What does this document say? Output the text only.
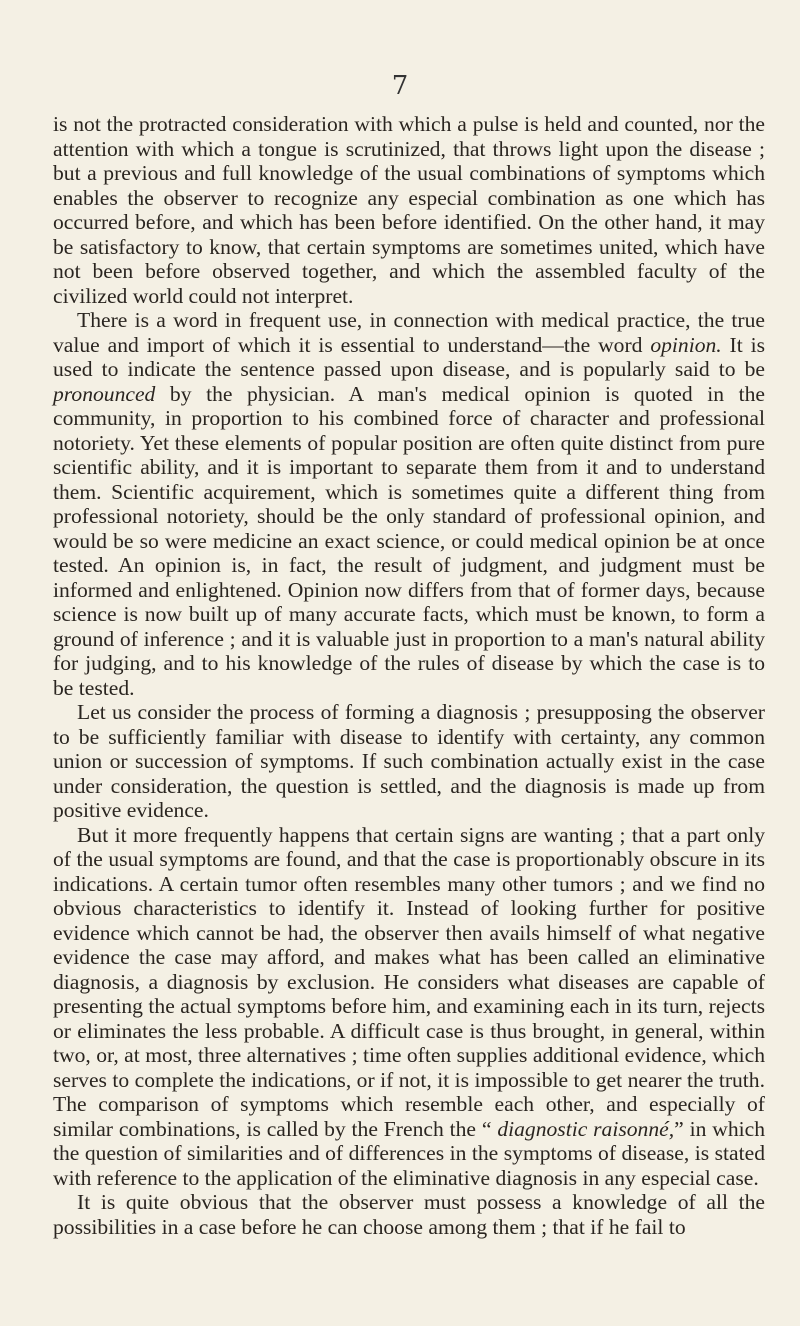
7

is not the protracted consideration with which a pulse is held and counted, nor the attention with which a tongue is scrutinized, that throws light upon the disease ; but a previous and full knowledge of the usual combinations of symptoms which enables the observer to recognize any especial combination as one which has occurred before, and which has been before identified. On the other hand, it may be satisfactory to know, that certain symptoms are sometimes united, which have not been before observed together, and which the assembled faculty of the civilized world could not interpret.

There is a word in frequent use, in connection with medical practice, the true value and import of which it is essential to understand—the word opinion. It is used to indicate the sentence passed upon disease, and is popularly said to be pronounced by the physician. A man's medical opinion is quoted in the community, in proportion to his combined force of character and professional notoriety. Yet these elements of popular position are often quite distinct from pure scientific ability, and it is important to separate them from it and to understand them. Scientific acquirement, which is sometimes quite a different thing from professional notoriety, should be the only standard of professional opinion, and would be so were medicine an exact science, or could medical opinion be at once tested. An opinion is, in fact, the result of judgment, and judgment must be informed and enlightened. Opinion now differs from that of former days, because science is now built up of many accurate facts, which must be known, to form a ground of inference ; and it is valuable just in proportion to a man's natural ability for judging, and to his knowledge of the rules of disease by which the case is to be tested.

Let us consider the process of forming a diagnosis ; presupposing the observer to be sufficiently familiar with disease to identify with certainty, any common union or succession of symptoms. If such combination actually exist in the case under consideration, the question is settled, and the diagnosis is made up from positive evidence.

But it more frequently happens that certain signs are wanting ; that a part only of the usual symptoms are found, and that the case is proportionably obscure in its indications. A certain tumor often resembles many other tumors ; and we find no obvious characteristics to identify it. Instead of looking further for positive evidence which cannot be had, the observer then avails himself of what negative evidence the case may afford, and makes what has been called an eliminative diagnosis, a diagnosis by exclusion. He considers what diseases are capable of presenting the actual symptoms before him, and examining each in its turn, rejects or eliminates the less probable. A difficult case is thus brought, in general, within two, or, at most, three alternatives ; time often supplies additional evidence, which serves to complete the indications, or if not, it is impossible to get nearer the truth. The comparison of symptoms which resemble each other, and especially of similar combinations, is called by the French the “ diagnostic raisonné,” in which the question of similarities and of differences in the symptoms of disease, is stated with reference to the application of the eliminative diagnosis in any especial case.

It is quite obvious that the observer must possess a knowledge of all the possibilities in a case before he can choose among them ; that if he fail to
